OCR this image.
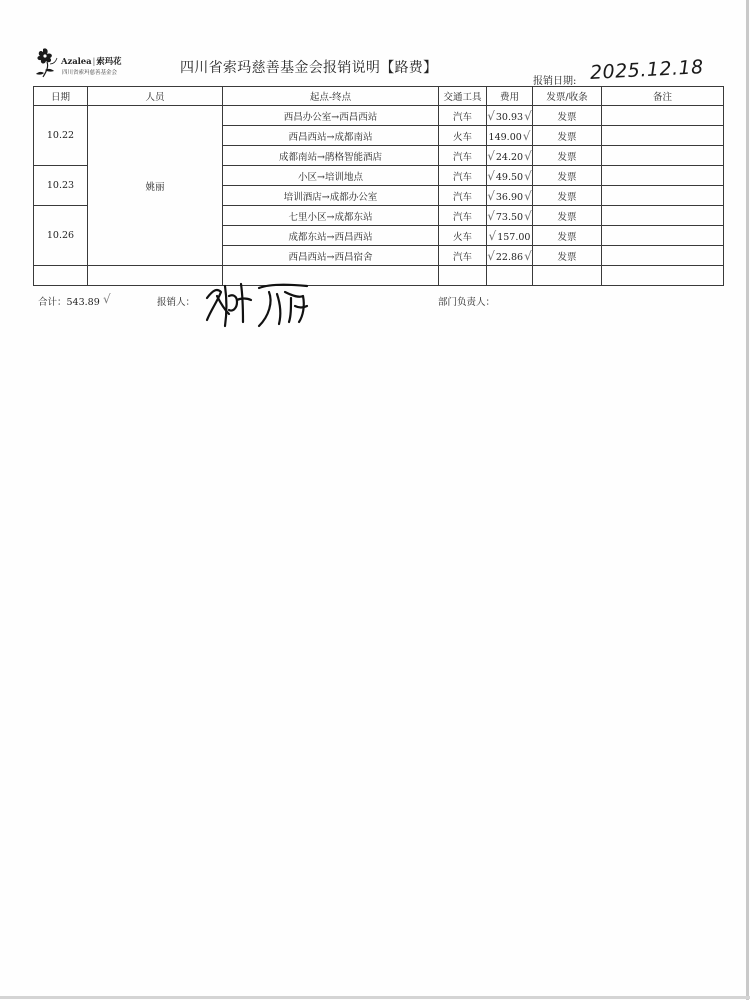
Azalea|索玛花
四川省索玛慈善基金会	四川省索玛慈善基金会报销说明【路费】
报销日期: 2025.12.18
日期	人员	起点-终点	交通工具	费用	发票/收条	备注
10.22	姚丽	西昌办公室→西昌西站	汽车	√30.93√	发票	
		西昌西站→成都南站	火车	149.00√	发票	
		成都南站→鹃格智能酒店	汽车	√24.20√	发票	
10.23		小区→培训地点	汽车	√49.50√	发票	
		培训酒店→成都办公室	汽车	√36.90√	发票	
10.26		七里小区→成都东站	汽车	√73.50√	发票	
		成都东站→西昌西站	火车	√157.00	发票	
		西昌西站→西昌宿舍	汽车	√22.86√	发票	

合计：543.89 √	报销人：	部门负责人：
